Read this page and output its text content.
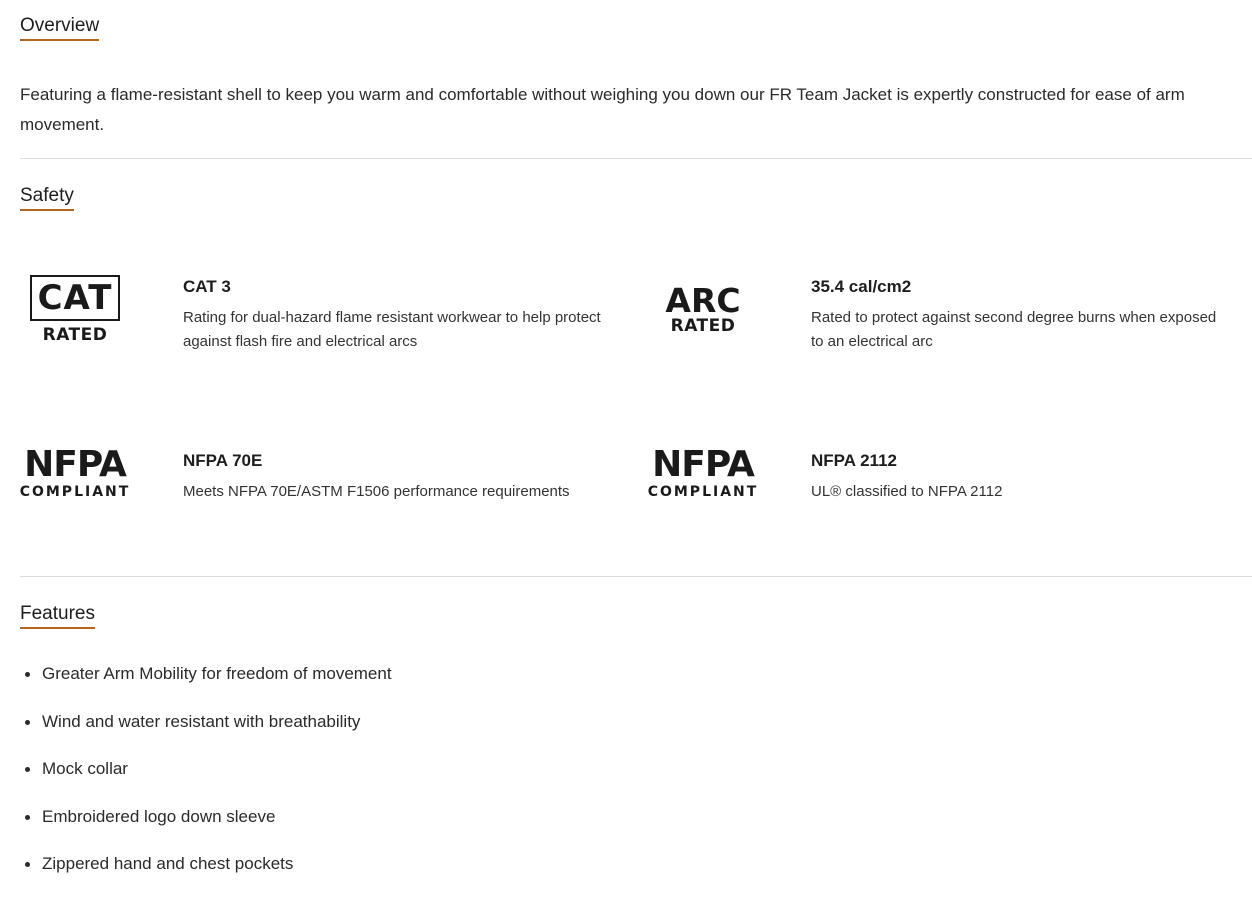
Overview
Featuring a flame-resistant shell to keep you warm and comfortable without weighing you down our FR Team Jacket is expertly constructed for ease of arm movement.
Safety
CAT
RATED
CAT 3
Rating for dual-hazard flame resistant workwear to help protect against flash fire and electrical arcs
ARC
RATED
35.4 cal/cm2
Rated to protect against second degree burns when exposed to an electrical arc
NFPA
COMPLIANT
NFPA 70E
Meets NFPA 70E/ASTM F1506 performance requirements
NFPA
COMPLIANT
NFPA 2112
UL® classified to NFPA 2112
Features
Greater Arm Mobility for freedom of movement
Wind and water resistant with breathability
Mock collar
Embroidered logo down sleeve
Zippered hand and chest pockets
